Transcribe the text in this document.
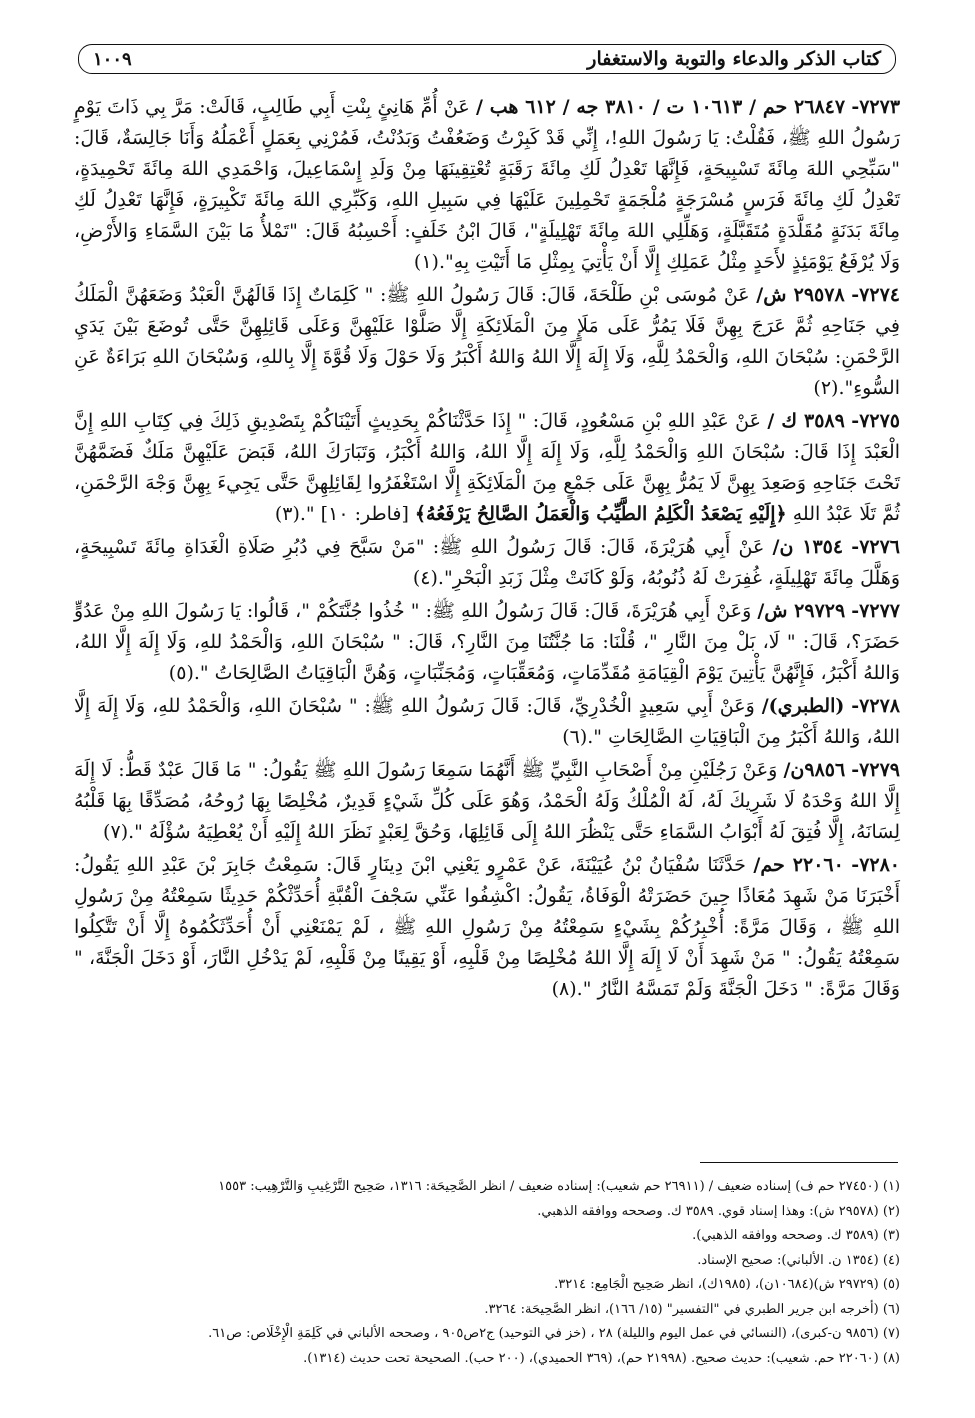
كتاب الذكر والدعاء والتوبة والاستغفار
١٠٠٩

٧٢٧٣- ٢٦٨٤٧ حم / ١٠٦١٣ ت / ٣٨١٠ جه / ٦١٢ هب / عَنْ أُمِّ هَانِئٍ بِنْتِ أَبِي طَالِبٍ، قَالَتْ: مَرَّ بِي ذَاتَ يَوْمٍ رَسُولُ اللهِ ﷺ، فَقُلْتُ: يَا رَسُولَ اللهِ!، إِنِّي قَدْ كَبِرْتُ وَضَعُفْتُ وَبَدُنْتُ، فَمُرْنِي بِعَمَلٍ أَعْمَلُهُ وَأَنَا جَالِسَةٌ، قَالَ: "سَبِّحِي اللهَ مِائَةَ تَسْبِيحَةٍ، فَإِنَّهَا تَعْدِلُ لَكِ مِائَةَ رَقَبَةٍ تُعْتِقِينَهَا مِنْ وَلَدِ إِسْمَاعِيلَ، وَاحْمَدِي اللهَ مِائَةَ تَحْمِيدَةٍ، تَعْدِلُ لَكِ مِائَةَ فَرَسٍ مُسْرَجَةٍ مُلْجَمَةٍ تَحْمِلِينَ عَلَيْهَا فِي سَبِيلِ اللهِ، وَكَبِّرِي اللهَ مِائَةَ تَكْبِيرَةٍ، فَإِنَّهَا تَعْدِلُ لَكِ مِائَةَ بَدَنَةٍ مُقَلَّدَةٍ مُتَقَبَّلَةٍ، وَهَلِّلِي اللهَ مِائَةَ تَهْلِيلَةٍ"، قَالَ ابْنُ خَلَفٍ: أَحْسِبُهُ قَالَ: "تَمْلأُ مَا بَيْنَ السَّمَاءِ وَالأَرْضِ، وَلَا يُرْفَعُ يَوْمَئِذٍ لأَحَدٍ مِثْلُ عَمَلِكِ إِلَّا أَنْ يَأْتِيَ بِمِثْلِ مَا أَتَيْتِ بِهِ".(١)

٧٢٧٤- ٢٩٥٧٨ ش/ عَنْ مُوسَى بْنِ طَلْحَةَ، قَالَ: قَالَ رَسُولُ اللهِ ﷺ: " كَلِمَاتٌ إِذَا قَالَهُنَّ الْعَبْدُ وَضَعَهُنَّ الْمَلَكُ فِي جَنَاحِهِ ثُمَّ عَرَجَ بِهِنَّ فَلَا يَمُرُّ عَلَى مَلَإٍ مِنَ الْمَلَائِكَةِ إِلَّا صَلَّوْا عَلَيْهِنَّ وَعَلَى قَائِلِهِنَّ حَتَّى تُوضَعَ بَيْنَ يَدَيِ الرَّحْمَنِ: سُبْحَانَ اللهِ، وَالْحَمْدُ لِلَّهِ، وَلَا إِلَهَ إِلَّا اللهُ وَاللهُ أَكْبَرُ وَلَا حَوْلَ وَلَا قُوَّةَ إِلَّا بِاللهِ، وَسُبْحَانَ اللهِ بَرَاءَةٌ عَنِ السُّوءِ".(٢)

٧٢٧٥- ٣٥٨٩ ك / عَنْ عَبْدِ اللهِ بْنِ مَسْعُودٍ، قَالَ: " إِذَا حَدَّثْنَاكُمْ بِحَدِيثٍ أَتَيْنَاكُمْ بِتَصْدِيقِ ذَلِكَ فِي كِتَابِ اللهِ إِنَّ الْعَبْدَ إِذَا قَالَ: سُبْحَانَ اللهِ وَالْحَمْدُ لِلَّهِ، وَلَا إِلَهَ إِلَّا اللهُ، وَاللهُ أَكْبَرُ، وَتَبَارَكَ اللهُ، قَبَضَ عَلَيْهِنَّ مَلَكٌ فَضَمَّهُنَّ تَحْتَ جَنَاحِهِ وَصَعِدَ بِهِنَّ لَا يَمُرُّ بِهِنَّ عَلَى جَمْعٍ مِنَ الْمَلَائِكَةِ إِلَّا اسْتَغْفَرُوا لِقَائِلِهِنَّ حَتَّى يَجِيءَ بِهِنَّ وَجْهَ الرَّحْمَنِ، ثُمَّ تَلَا عَبْدُ اللهِ ﴿إِلَيْهِ يَصْعَدُ الْكَلِمُ الطَّيِّبُ وَالْعَمَلُ الصَّالِحُ يَرْفَعُهُ﴾ [فاطر: ١٠] ".(٣)

٧٢٧٦- ١٣٥٤ ن/ عَنْ أَبِي هُرَيْرَةَ، قَالَ: قَالَ رَسُولُ اللهِ ﷺ: "مَنْ سَبَّحَ فِي دُبُرِ صَلَاةِ الْغَدَاةِ مِائَةَ تَسْبِيحَةٍ، وَهَلَّلَ مِائَةَ تَهْلِيلَةٍ، غُفِرَتْ لَهُ ذُنُوبُهُ، وَلَوْ كَانَتْ مِثْلَ زَبَدِ الْبَحْرِ".(٤)

٧٢٧٧- ٢٩٧٢٩ ش/ وَعَنْ أَبِي هُرَيْرَةَ، قَالَ: قَالَ رَسُولُ اللهِ ﷺ: " خُذُوا جُنَّتَكُمْ "، قَالُوا: يَا رَسُولَ اللهِ مِنْ عَدُوٍّ حَضَرَ؟، قَالَ: " لَا، بَلْ مِنَ النَّارِ "، قُلْنَا: مَا جُنَّتُنَا مِنَ النَّارِ؟، قَالَ: " سُبْحَانَ اللهِ، وَالْحَمْدُ للهِ، وَلَا إِلَهَ إِلَّا اللهُ، وَاللهُ أَكْبَرُ، فَإِنَّهُنَّ يَأْتِينَ يَوْمَ الْقِيَامَةِ مُقَدِّمَاتٍ، وَمُعَقِّبَاتٍ، وَمُجَنِّبَاتٍ، وَهُنَّ الْبَاقِيَاتُ الصَّالِحَاتُ ".(٥)

٧٢٧٨- (الطبري)/ وَعَنْ أَبِي سَعِيدٍ الْخُدْرِيِّ، قَالَ: قَالَ رَسُولُ اللهِ ﷺ: " سُبْحَانَ اللهِ، وَالْحَمْدُ للهِ، وَلَا إِلَهَ إِلَّا اللهُ، وَاللهُ أَكْبَرُ مِنَ الْبَاقِيَاتِ الصَّالِحَاتِ ".(٦)

٧٢٧٩- ٩٨٥٦ن/ وَعَنْ رَجُلَيْنِ مِنْ أَصْحَابِ النَّبِيِّ ﷺ أَنَّهُمَا سَمِعَا رَسُولَ اللهِ ﷺ يَقُولُ: " مَا قَالَ عَبْدٌ قَطُّ: لَا إِلَهَ إِلَّا اللهُ وَحْدَهُ لَا شَرِيكَ لَهُ، لَهُ الْمُلْكُ وَلَهُ الْحَمْدُ، وَهُوَ عَلَى كُلِّ شَيْءٍ قَدِيرٌ، مُخْلِصًا بِهَا رُوحُهُ، مُصَدِّقًا بِهَا قَلْبُهُ لِسَانَهُ، إِلَّا فُتِقَ لَهُ أَبْوَابُ السَّمَاءِ حَتَّى يَنْظُرَ اللهُ إِلَى قَائِلِهَا، وَحُقَّ لِعَبْدٍ نَظَرَ اللهُ إِلَيْهِ أَنْ يُعْطِيَهُ سُؤْلَهُ ".(٧)

٧٢٨٠- ٢٢٠٦٠ حم/ حَدَّثَنَا سُفْيَانُ بْنُ عُيَيْنَةَ، عَنْ عَمْرٍو يَعْنِي ابْنَ دِينَارٍ قَالَ: سَمِعْتُ جَابِرَ بْنَ عَبْدِ اللهِ يَقُولُ: أَخْبَرَنَا مَنْ شَهِدَ مُعَاذًا حِينَ حَضَرَتْهُ الْوَفَاةُ، يَقُولُ: اكْشِفُوا عَنِّي سَجْفَ الْقُبَّةِ أُحَدِّثْكُمْ حَدِيثًا سَمِعْتُهُ مِنْ رَسُولِ اللهِ ﷺ ، وَقَالَ مَرَّةً: أُخْبِرُكُمْ بِشَيْءٍ سَمِعْتُهُ مِنْ رَسُولِ اللهِ ﷺ ، لَمْ يَمْنَعْنِي أَنْ أُحَدِّثَكُمُوهُ إِلَّا أَنْ تَتَّكِلُوا سَمِعْتُهُ يَقُولُ: " مَنْ شَهِدَ أَنْ لَا إِلَهَ إِلَّا اللهُ مُخْلِصًا مِنْ قَلْبِهِ، أَوْ يَقِينًا مِنْ قَلْبِهِ، لَمْ يَدْخُلِ النَّارَ، أَوْ دَخَلَ الْجَنَّةَ، " وَقَالَ مَرَّةً: " دَخَلَ الْجَنَّةَ وَلَمْ تَمَسَّهُ النَّارُ ".(٨)

(١) (٢٧٤٥٠ حم ف) إسناده ضعيف / (٢٦٩١١ حم شعيب): إسناده ضعيف / انظر الصَّحِيحَة: ١٣١٦، صَحِيح التَّرْغِيبِ وَالتَّرْهِيب: ١٥٥٣
(٢) (٢٩٥٧٨ ش): وهذا إسناد قوي. ٣٥٨٩ ك. وصححه ووافقه الذهبي.
(٣) (٣٥٨٩ ك. وصححه ووافقه الذهبي).
(٤) (١٣٥٤ ن. الألباني): صحيح الإسناد.
(٥) (٢٩٧٢٩ ش)(١٠٦٨٤ن)، (١٩٨٥ك)، انظر صَحِيح الْجَامِع: ٣٢١٤.
(٦) (أخرجه ابن جرير الطبري في "التفسير" (١٥/ ١٦٦)، انظر الصَّحِيحَة: ٣٢٦٤.
(٧) (٩٨٥٦ ن-كبرى)، (النسائي في عمل اليوم والليلة) ٢٨ ، (خز في التوحيد) ج٢ص٩٠٥ ، وصححه الألباني في كَلِمَةِ الْإِخْلَاص: ص٦١.
(٨) (٢٢٠٦٠ حم. شعيب): حديث صحيح. (٢١٩٩٨ حم)، (٣٦٩ الحميدي)، (٢٠٠ حب). الصحيحة تحت حديث (١٣١٤).
